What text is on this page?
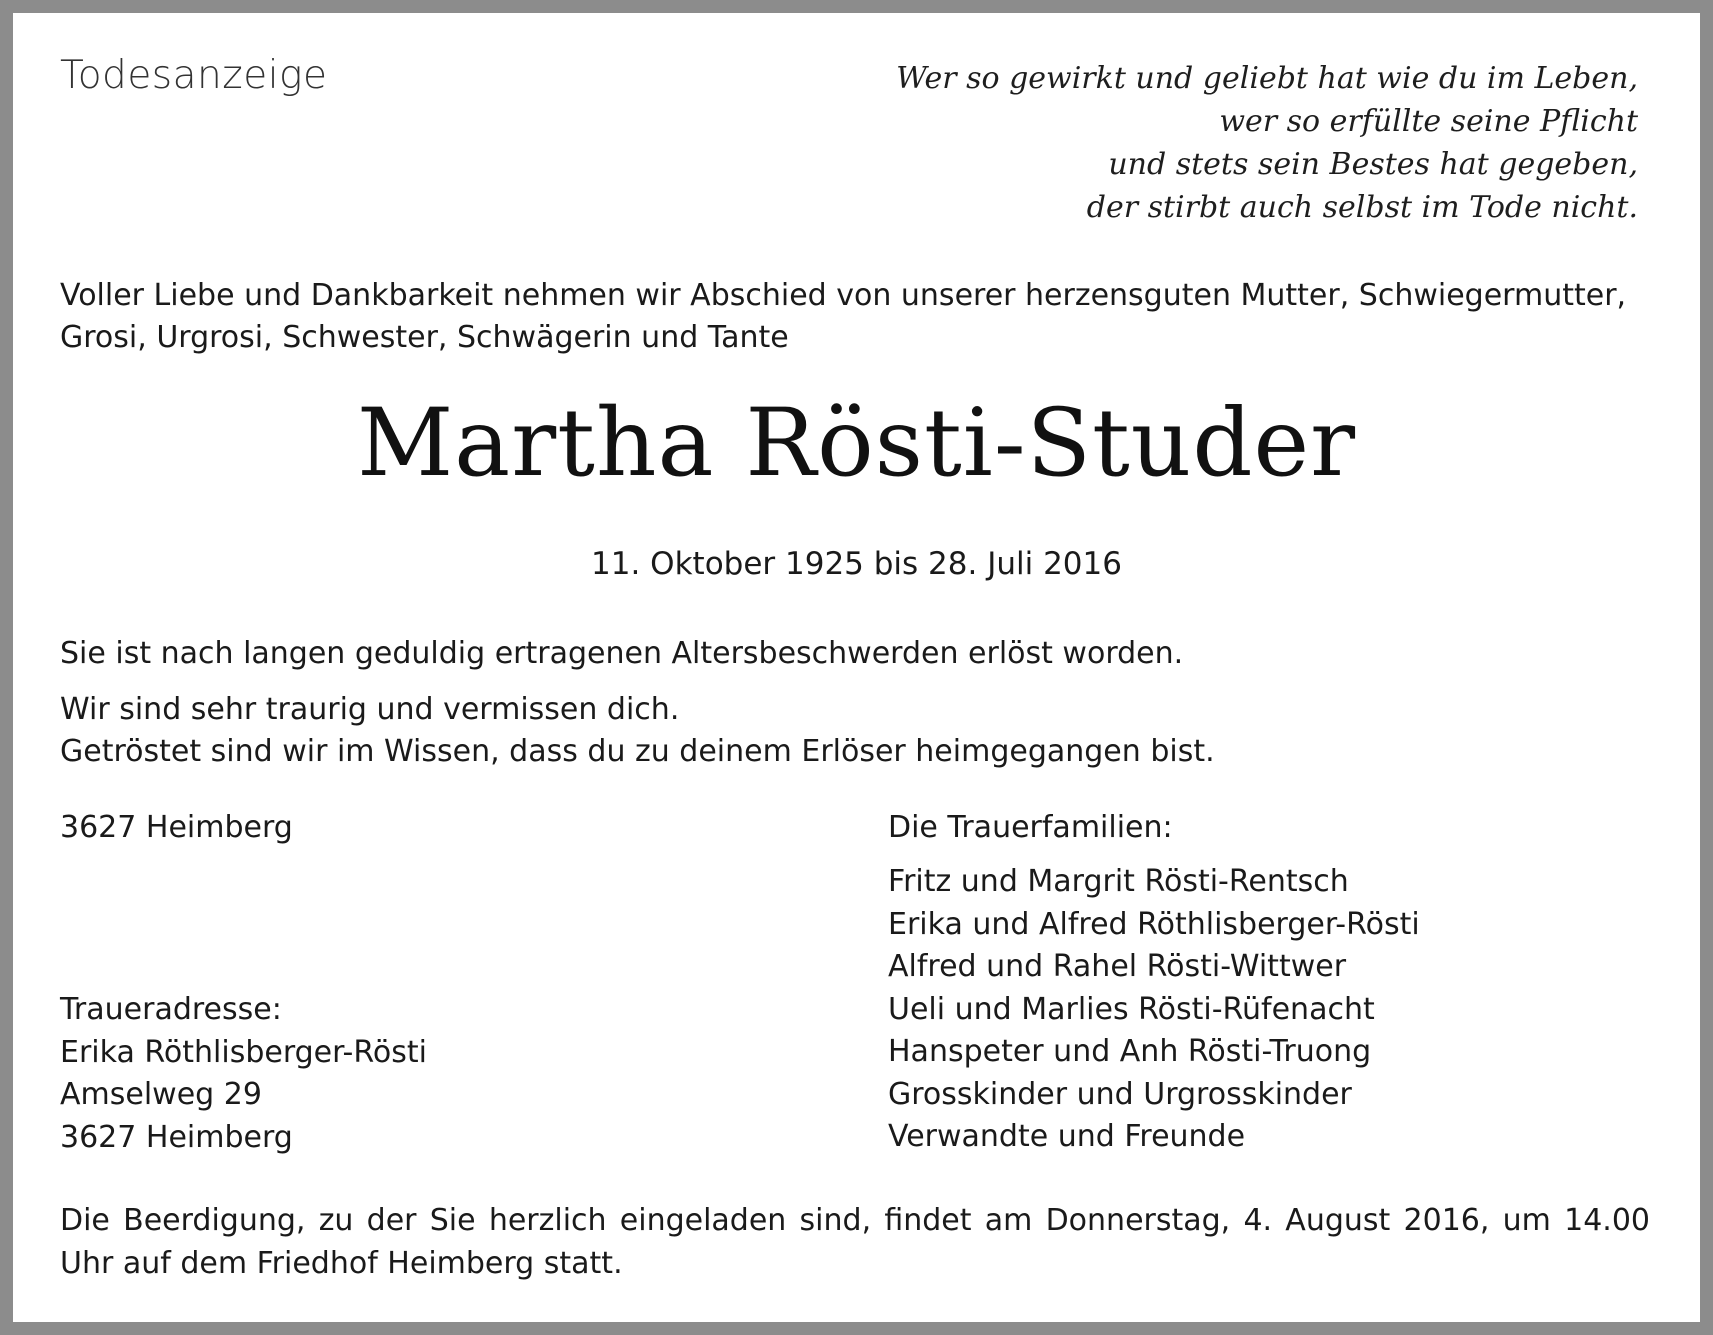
Todesanzeige	Wer so gewirkt und geliebt hat wie du im Leben,
wer so erfüllte seine Pflicht
und stets sein Bestes hat gegeben,
der stirbt auch selbst im Tode nicht.
Voller Liebe und Dankbarkeit nehmen wir Abschied von unserer herzensguten Mutter, Schwiegermutter, Grosi, Urgrosi, Schwester, Schwägerin und Tante
Martha Rösti-Studer
11. Oktober 1925 bis 28. Juli 2016
Sie ist nach langen geduldig ertragenen Altersbeschwerden erlöst worden.
Wir sind sehr traurig und vermissen dich.
Getröstet sind wir im Wissen, dass du zu deinem Erlöser heimgegangen bist.
3627 Heimberg	Die Trauerfamilien:
Fritz und Margrit Rösti-Rentsch
Erika und Alfred Röthlisberger-Rösti
Alfred und Rahel Rösti-Wittwer
Ueli und Marlies Rösti-Rüfenacht
Hanspeter und Anh Rösti-Truong
Grosskinder und Urgrosskinder
Verwandte und Freunde
Traueradresse:
Erika Röthlisberger-Rösti
Amselweg 29
3627 Heimberg
Die Beerdigung, zu der Sie herzlich eingeladen sind, findet am Donnerstag, 4. August 2016, um 14.00 Uhr auf dem Friedhof Heimberg statt.
